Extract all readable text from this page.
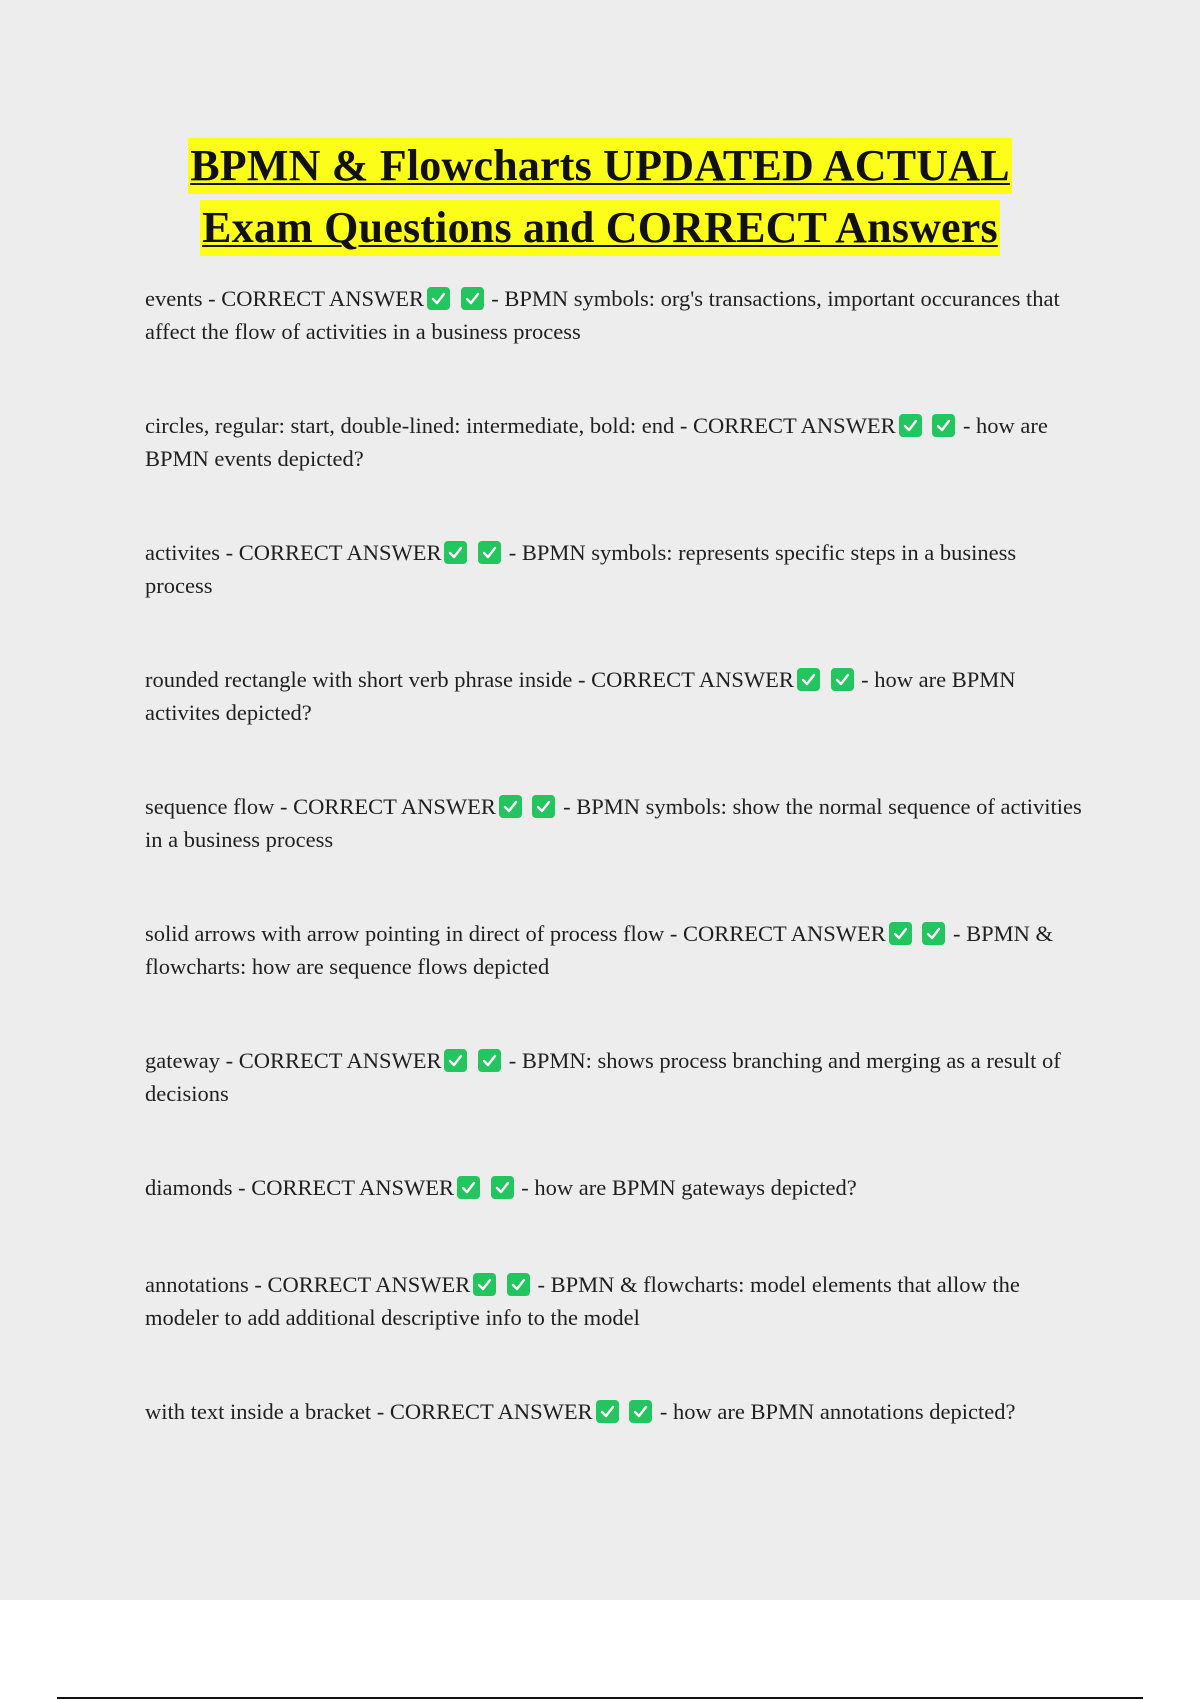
BPMN & Flowcharts UPDATED ACTUAL
Exam Questions and CORRECT Answers
events - CORRECT ANSWER
	- BPMN symbols: org's transactions, important occurances that affect the flow of activities in a business process
circles, regular: start, double-lined: intermediate, bold: end - CORRECT ANSWER
	- how are BPMN events depicted?
activites - CORRECT ANSWER
	- BPMN symbols: represents specific steps in a business process
rounded rectangle with short verb phrase inside - CORRECT ANSWER
	- how are BPMN activites depicted?
sequence flow - CORRECT ANSWER
	- BPMN symbols: show the normal sequence of activities in a business process
solid arrows with arrow pointing in direct of process flow - CORRECT ANSWER
	- BPMN & flowcharts: how are sequence flows depicted
gateway - CORRECT ANSWER
	- BPMN: shows process branching and merging as a result of decisions
diamonds - CORRECT ANSWER
	- how are BPMN gateways depicted?
annotations - CORRECT ANSWER
	- BPMN & flowcharts: model elements that allow the modeler to add additional descriptive info to the model
with text inside a bracket - CORRECT ANSWER
	- how are BPMN annotations depicted?
